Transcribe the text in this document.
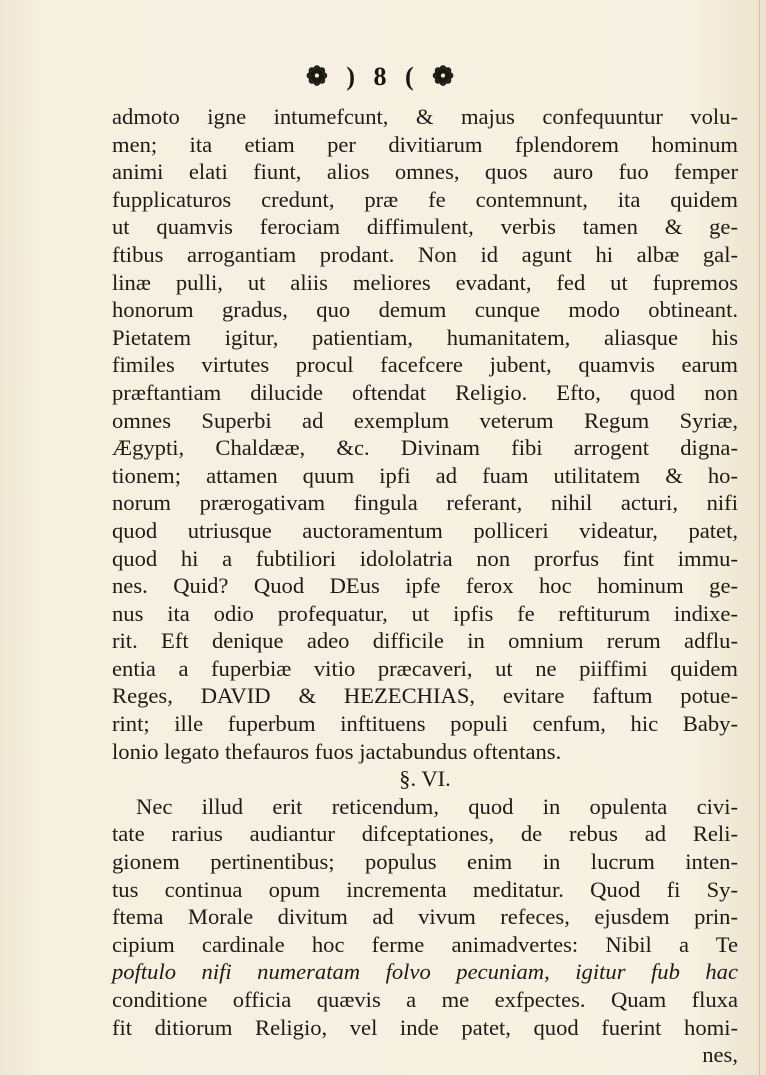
❁ ) 8 ( ❁
admoto igne intumefcunt, & majus confequuntur volu-
men; ita etiam per divitiarum fplendorem hominum
animi elati fiunt, alios omnes, quos auro fuo femper
fupplicaturos credunt, præ fe contemnunt, ita quidem
ut quamvis ferociam diffimulent, verbis tamen & ge-
ftibus arrogantiam prodant. Non id agunt hi albæ gal-
linæ pulli, ut aliis meliores evadant, fed ut fupremos
honorum gradus, quo demum cunque modo obtineant.
Pietatem igitur, patientiam, humanitatem, aliasque his
fimiles virtutes procul facefcere jubent, quamvis earum
præftantiam dilucide oftendat Religio. Efto, quod non
omnes Superbi ad exemplum veterum Regum Syriæ,
Ægypti, Chaldææ, &c. Divinam fibi arrogent digna-
tionem; attamen quum ipfi ad fuam utilitatem & ho-
norum prærogativam fingula referant, nihil acturi, nifi
quod utriusque auctoramentum polliceri videatur, patet,
quod hi a fubtiliori idololatria non prorfus fint immu-
nes. Quid? Quod DEus ipfe ferox hoc hominum ge-
nus ita odio profequatur, ut ipfis fe reftiturum indixe-
rit. Eft denique adeo difficile in omnium rerum adflu-
entia a fuperbiæ vitio præcaveri, ut ne piiffimi quidem
Reges, DAVID & HEZECHIAS, evitare faftum potue-
rint; ille fuperbum inftituens populi cenfum, hic Baby-
lonio legato thefauros fuos jactabundus oftentans.
§. VI.
Nec illud erit reticendum, quod in opulenta civi-
tate rarius audiantur difceptationes, de rebus ad Reli-
gionem pertinentibus; populus enim in lucrum inten-
tus continua opum incrementa meditatur. Quod fi Sy-
ftema Morale divitum ad vivum refeces, ejusdem prin-
cipium cardinale hoc ferme animadvertes: Nibil a Te
poftulo nifi numeratam folvo pecuniam, igitur fub hac
conditione officia quævis a me exfpectes. Quam fluxa
fit ditiorum Religio, vel inde patet, quod fuerint homi-
nes,
